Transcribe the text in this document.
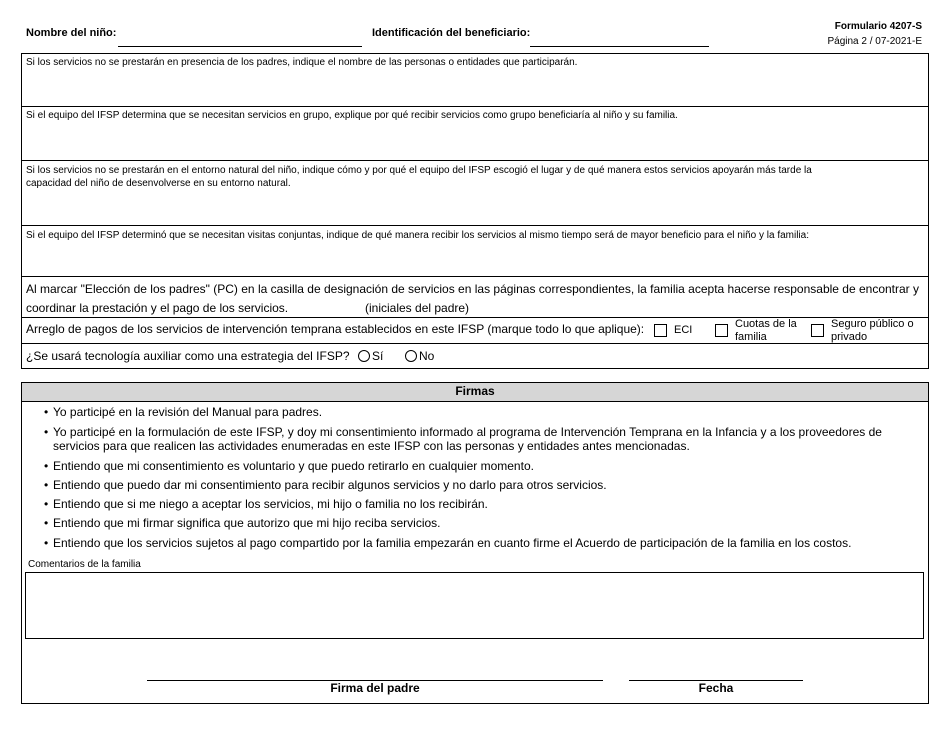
Nombre del niño:	Identificación del beneficiario:
Formulario 4207-S
Página 2 / 07-2021-E
Si los servicios no se prestarán en presencia de los padres, indique el nombre de las personas o entidades que participarán.
Si el equipo del IFSP determina que se necesitan servicios en grupo, explique por qué recibir servicios como grupo beneficiaría al niño y su familia.
Si los servicios no se prestarán en el entorno natural del niño, indique cómo y por qué el equipo del IFSP escogió el lugar y de qué manera estos servicios apoyarán más tarde la
capacidad del niño de desenvolverse en su entorno natural.
Si el equipo del IFSP determinó que se necesitan visitas conjuntas, indique de qué manera recibir los servicios al mismo tiempo será de mayor beneficio para el niño y la familia:
Al marcar "Elección de los padres" (PC) en la casilla de designación de servicios en las páginas correspondientes, la familia acepta hacerse responsable de encontrar y
coordinar la prestación y el pago de los servicios.	(iniciales del padre)
Arreglo de pagos de los servicios de intervención temprana establecidos en este IFSP (marque todo lo que aplique):	ECI	Cuotas de la
familia
Seguro público o
privado
¿Se usará tecnología auxiliar como una estrategia del IFSP? Sí	No
Firmas
• Yo participé en la revisión del Manual para padres.
• Yo participé en la formulación de este IFSP, y doy mi consentimiento informado al programa de Intervención Temprana en la Infancia y a los proveedores de
servicios para que realicen las actividades enumeradas en este IFSP con las personas y entidades antes mencionadas.
• Entiendo que mi consentimiento es voluntario y que puedo retirarlo en cualquier momento.
• Entiendo que puedo dar mi consentimiento para recibir algunos servicios y no darlo para otros servicios.
• Entiendo que si me niego a aceptar los servicios, mi hijo o familia no los recibirán.
• Entiendo que mi firmar significa que autorizo que mi hijo reciba servicios.
• Entiendo que los servicios sujetos al pago compartido por la familia empezarán en cuanto firme el Acuerdo de participación de la familia en los costos.
Comentarios de la familia
Firma del padre	Fecha
